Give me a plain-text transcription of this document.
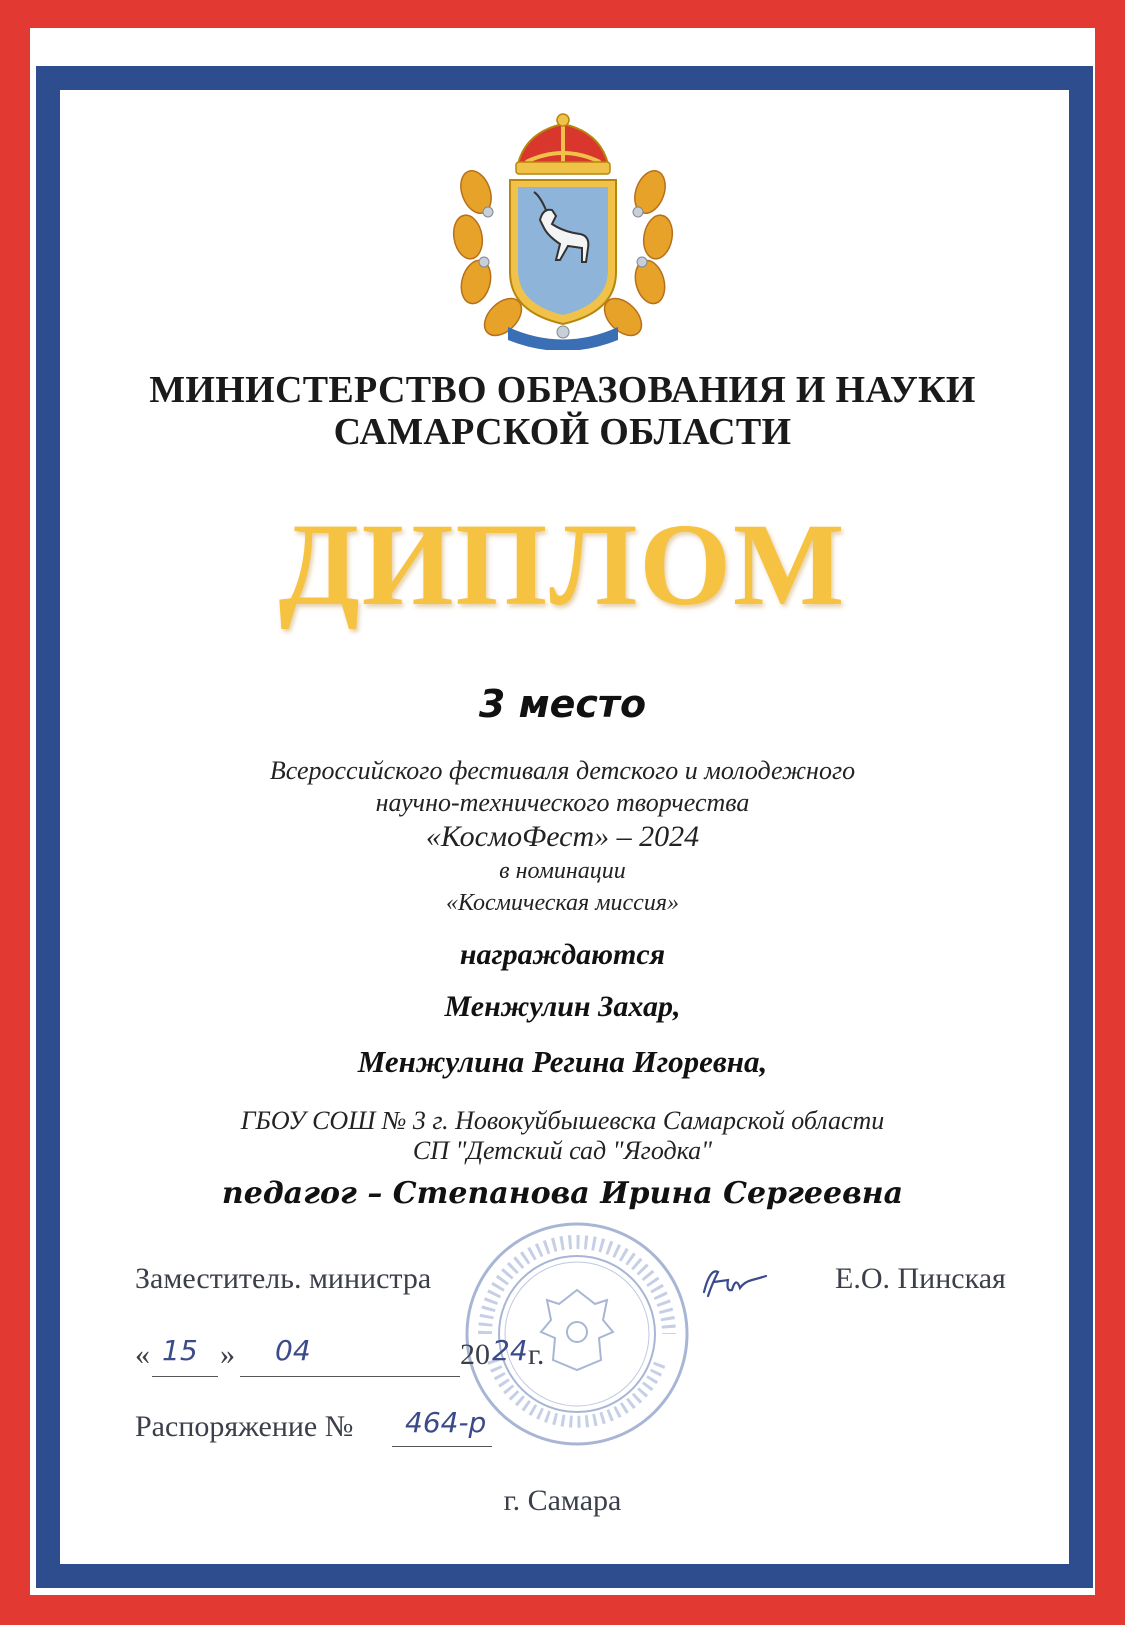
МИНИСТЕРСТВО ОБРАЗОВАНИЯ И НАУКИ
САМАРСКОЙ ОБЛАСТИ
ДИПЛОМ
3 место
Всероссийского фестиваля детского и молодежного
научно-технического творчества
«КосмоФест» – 2024
в номинации
«Космическая миссия»
награждаются
Менжулин Захар,
Менжулина Регина Игоревна,
ГБОУ СОШ № 3 г. Новокуйбышевска Самарской области
СП "Детский сад "Ягодка"
педагог – Степанова Ирина Сергеевна
Заместитель. министра	Е.О. Пинская
« 15 » 04	20 24 г.
Распоряжение № 464-р
г. Самара
